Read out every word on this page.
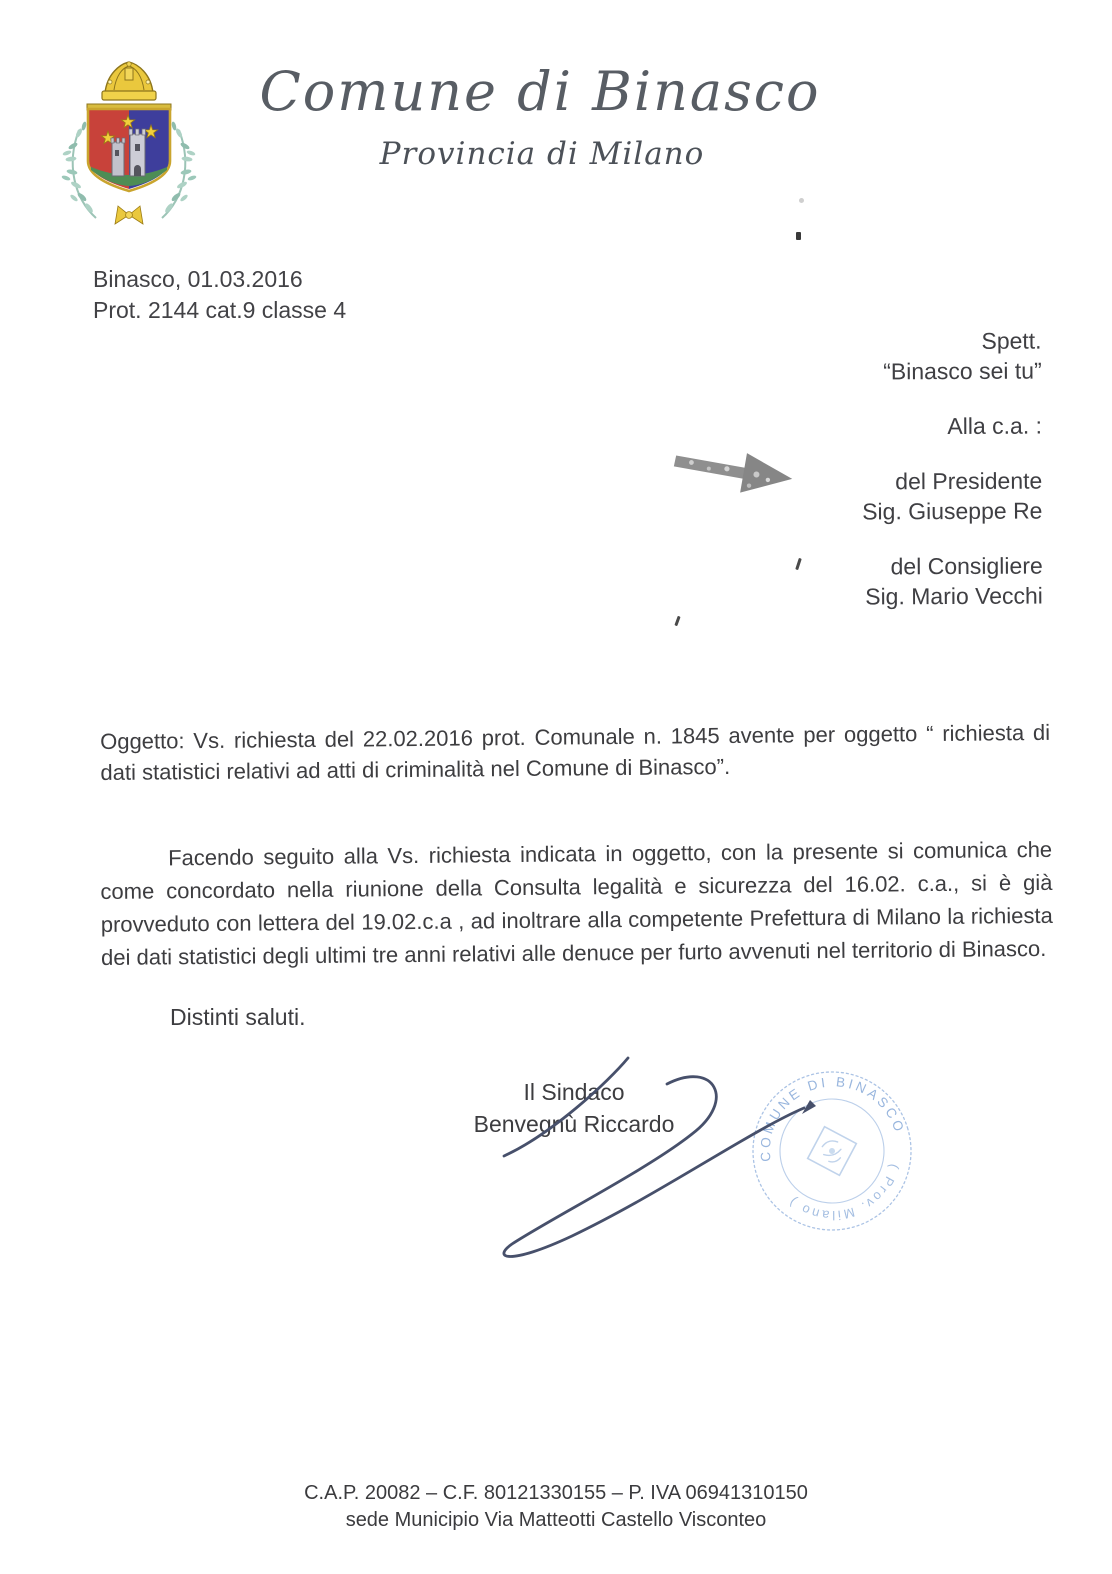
Comune di Binasco
Provincia di Milano
Binasco, 01.03.2016
Prot. 2144 cat.9 classe 4
Spett.
“Binasco sei tu”
Alla c.a. :
del Presidente
Sig. Giuseppe Re
del Consigliere
Sig. Mario Vecchi
Oggetto: Vs. richiesta del 22.02.2016 prot. Comunale n. 1845 avente per oggetto “ richiesta di dati statistici relativi ad atti di criminalità nel Comune di Binasco”.
Facendo seguito alla Vs. richiesta indicata in oggetto, con la presente si comunica che come concordato nella riunione della Consulta legalità e sicurezza del 16.02. c.a., si è già provveduto con lettera del 19.02.c.a , ad inoltrare alla competente Prefettura di Milano la richiesta dei dati statistici degli ultimi tre anni relativi alle denuce per furto avvenuti nel territorio di Binasco.
Distinti saluti.
Il Sindaco
Benvegnù Riccardo
COMUNE DI BINASCO
( Prov. Milano )
C.A.P. 20082 – C.F. 80121330155 – P. IVA 06941310150
sede Municipio Via Matteotti Castello Visconteo
